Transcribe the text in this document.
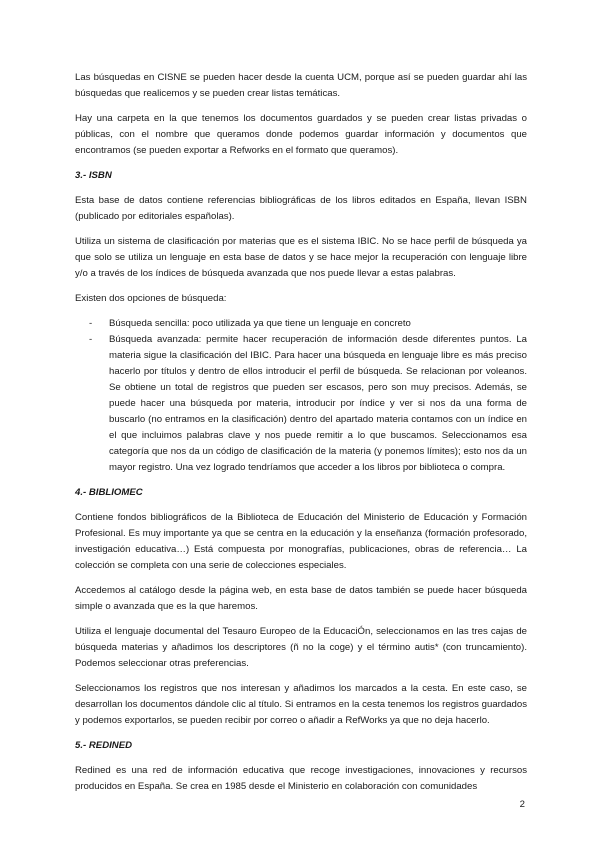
Las búsquedas en CISNE se pueden hacer desde la cuenta UCM, porque así se pueden guardar ahí las búsquedas que realicemos y se pueden crear listas temáticas.

Hay una carpeta en la que tenemos los documentos guardados y se pueden crear listas privadas o públicas, con el nombre que queramos donde podemos guardar información y documentos que encontramos (se pueden exportar a Refworks en el formato que queramos).

3.- ISBN

Esta base de datos contiene referencias bibliográficas de los libros editados en España, llevan ISBN (publicado por editoriales españolas).

Utiliza un sistema de clasificación por materias que es el sistema IBIC. No se hace perfil de búsqueda ya que solo se utiliza un lenguaje en esta base de datos y se hace mejor la recuperación con lenguaje libre y/o a través de los índices de búsqueda avanzada que nos puede llevar a estas palabras.

Existen dos opciones de búsqueda:

- Búsqueda sencilla: poco utilizada ya que tiene un lenguaje en concreto
- Búsqueda avanzada: permite hacer recuperación de información desde diferentes puntos. La materia sigue la clasificación del IBIC. Para hacer una búsqueda en lenguaje libre es más preciso hacerlo por títulos y dentro de ellos introducir el perfil de búsqueda. Se relacionan por voleanos. Se obtiene un total de registros que pueden ser escasos, pero son muy precisos. Además, se puede hacer una búsqueda por materia, introducir por índice y ver si nos da una forma de buscarlo (no entramos en la clasificación) dentro del apartado materia contamos con un índice en el que incluimos palabras clave y nos puede remitir a lo que buscamos. Seleccionamos esa categoría que nos da un código de clasificación de la materia (y ponemos límites); esto nos da un mayor registro. Una vez logrado tendríamos que acceder a los libros por biblioteca o compra.
4.- BIBLIOMEC

Contiene fondos bibliográficos de la Biblioteca de Educación del Ministerio de Educación y Formación Profesional. Es muy importante ya que se centra en la educación y la enseñanza (formación profesorado, investigación educativa…) Está compuesta por monografías, publicaciones, obras de referencia… La colección se completa con una serie de colecciones especiales.

Accedemos al catálogo desde la página web, en esta base de datos también se puede hacer búsqueda simple o avanzada que es la que haremos.

Utiliza el lenguaje documental del Tesauro Europeo de la EducaciÓn, seleccionamos en las tres cajas de búsqueda materias y añadimos los descriptores (ñ no la coge) y el término autis* (con truncamiento). Podemos seleccionar otras preferencias.

Seleccionamos los registros que nos interesan y añadimos los marcados a la cesta. En este caso, se desarrollan los documentos dándole clic al título. Si entramos en la cesta tenemos los registros guardados y podemos exportarlos, se pueden recibir por correo o añadir a RefWorks ya que no deja hacerlo.

5.- REDINED

Redined es una red de información educativa que recoge investigaciones, innovaciones y recursos producidos en España. Se crea en 1985 desde el Ministerio en colaboración con comunidades

2
